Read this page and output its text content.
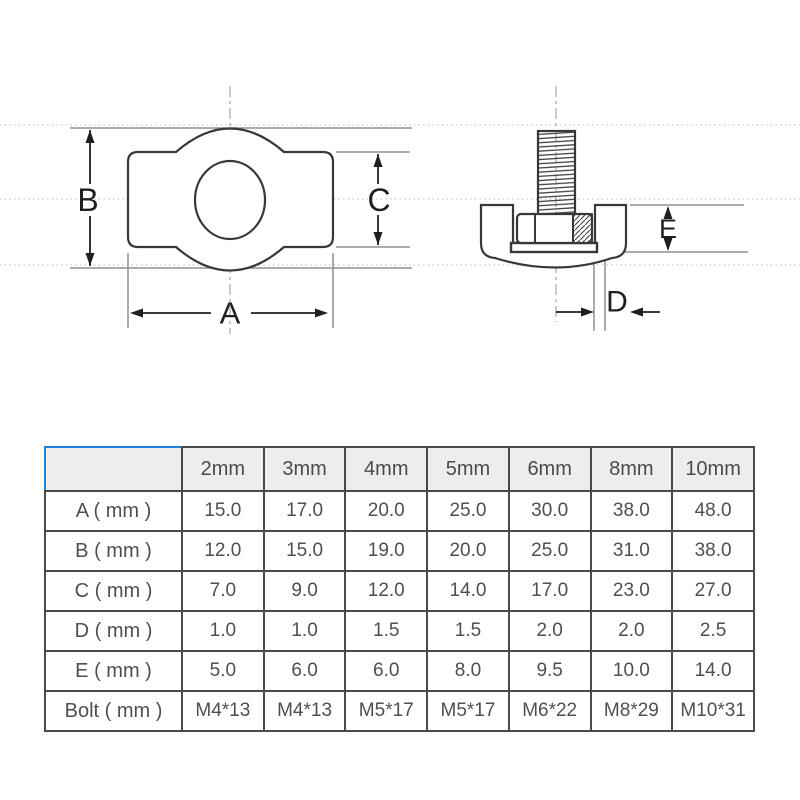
B	C
A
E
D
	2mm	3mm	4mm	5mm	6mm	8mm	10mm
A ( mm )	15.0	17.0	20.0	25.0	30.0	38.0	48.0
B ( mm )	12.0	15.0	19.0	20.0	25.0	31.0	38.0
C ( mm )	7.0	9.0	12.0	14.0	17.0	23.0	27.0
D ( mm )	1.0	1.0	1.5	1.5	2.0	2.0	2.5
E ( mm )	5.0	6.0	6.0	8.0	9.5	10.0	14.0
Bolt ( mm )	M4*13	M4*13	M5*17	M5*17	M6*22	M8*29	M10*31
